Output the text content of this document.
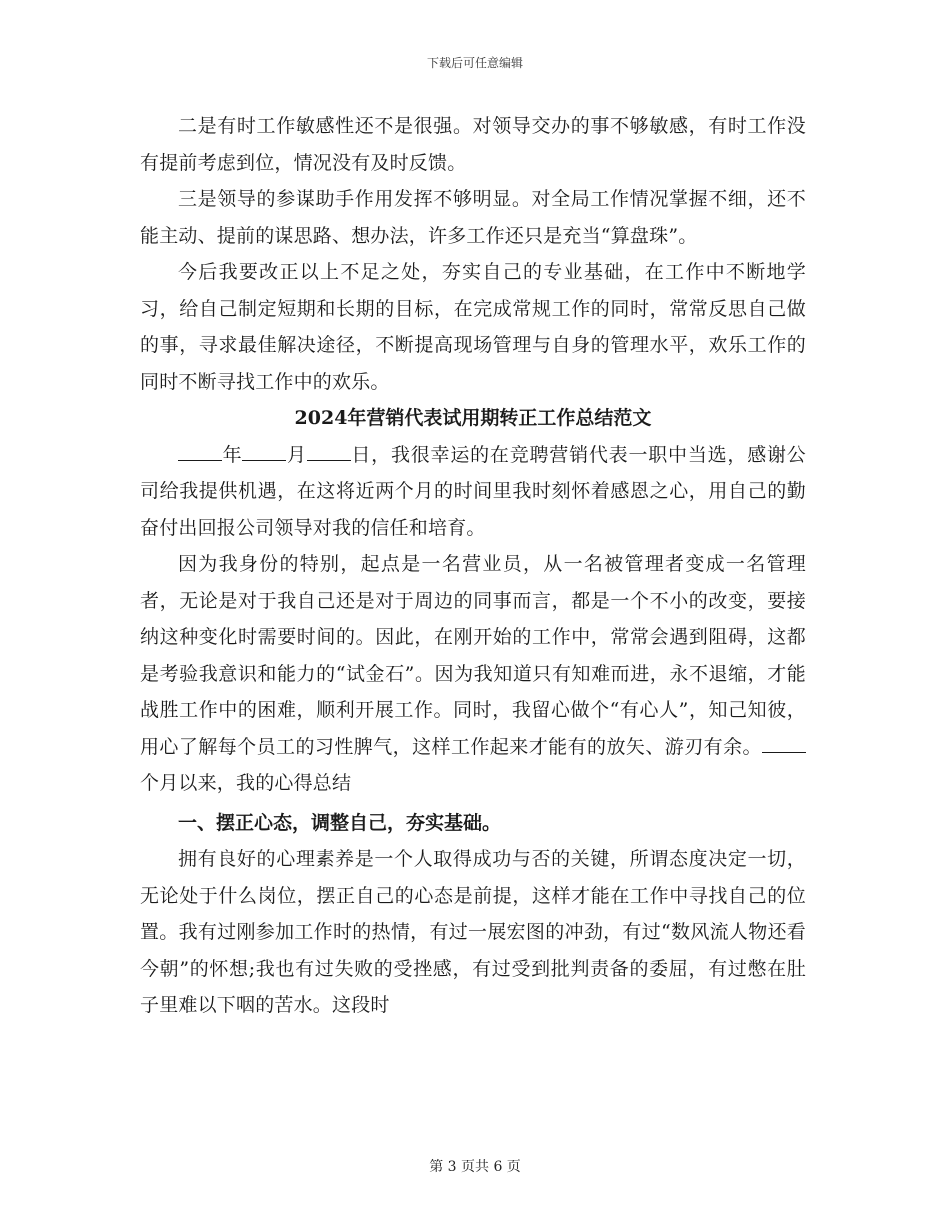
下载后可任意编辑

二是有时工作敏感性还不是很强。对领导交办的事不够敏感，有时工作没有提前考虑到位，情况没有及时反馈。

三是领导的参谋助手作用发挥不够明显。对全局工作情况掌握不细，还不能主动、提前的谋思路、想办法，许多工作还只是充当“算盘珠”。

今后我要改正以上不足之处，夯实自己的专业基础，在工作中不断地学习，给自己制定短期和长期的目标，在完成常规工作的同时，常常反思自己做的事，寻求最佳解决途径，不断提高现场管理与自身的管理水平，欢乐工作的同时不断寻找工作中的欢乐。

2024年营销代表试用期转正工作总结范文

年 月 日，我很幸运的在竞聘营销代表一职中当选，感谢公司给我提供机遇，在这将近两个月的时间里我时刻怀着感恩之心，用自己的勤奋付出回报公司领导对我的信任和培育。

因为我身份的特别，起点是一名营业员，从一名被管理者变成一名管理者，无论是对于我自己还是对于周边的同事而言，都是一个不小的改变，要接纳这种变化时需要时间的。因此，在刚开始的工作中，常常会遇到阻碍，这都是考验我意识和能力的“试金石”。因为我知道只有知难而进，永不退缩，才能战胜工作中的困难，顺利开展工作。同时，我留心做个“有心人”，知己知彼，用心了解每个员工的习性脾气，这样工作起来才能有的放矢、游刃有余。个月以来，我的心得总结

一、摆正心态，调整自己，夯实基础。

拥有良好的心理素养是一个人取得成功与否的关键，所谓态度决定一切，无论处于什么岗位，摆正自己的心态是前提，这样才能在工作中寻找自己的位置。我有过刚参加工作时的热情，有过一展宏图的冲劲，有过“数风流人物还看今朝”的怀想;我也有过失败的受挫感，有过受到批判责备的委屈，有过憋在肚子里难以下咽的苦水。这段时

第 3 页共 6 页
